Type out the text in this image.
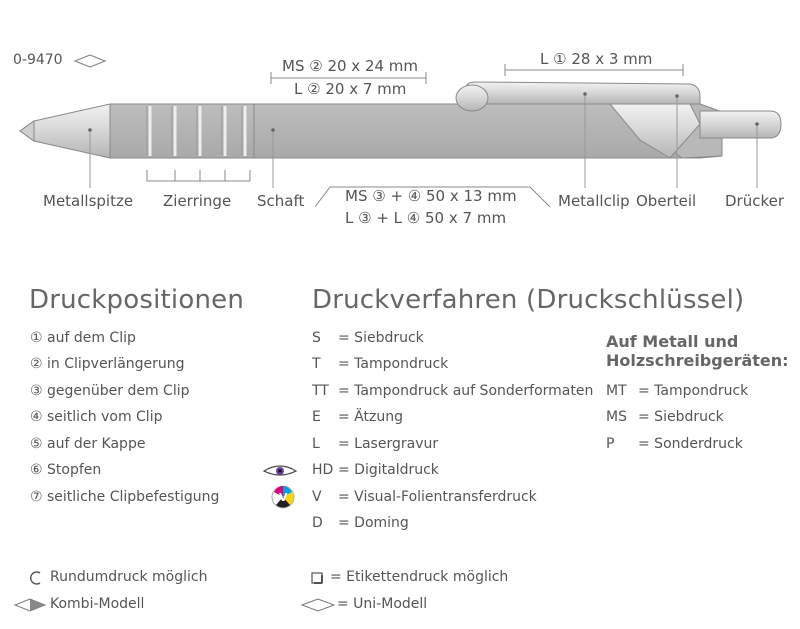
0-9470	MS ② 20 x 24 mm
L ② 20 x 7 mm
L ① 28 x 3 mm
MS ③ + ④ 50 x 13 mm
L ③ + L ④ 50 x 7 mm
Metallspitze Zierringe Schaft	Metallclip Oberteil Drücker
Druckpositionen
① auf dem Clip
② in Clipverlängerung
③ gegenüber dem Clip
④ seitlich vom Clip
⑤ auf der Kappe
⑥ Stopfen
⑦ seitliche Clipbefestigung
Druckverfahren (Druckschlüssel)
S = Siebdruck
T = Tampondruck
TT = Tampondruck auf Sonderformaten
E = Ätzung
L = Lasergravur
HD = Digitaldruck
V = Visual-Folientransferdruck
D = Doming
V
Auf Metall und
Holzschreibgeräten:
MT = Tampondruck
MS = Siebdruck
P = Sonderdruck
Rundumdruck möglich
Kombi-Modell
= Etikettendruck möglich
= Uni-Modell
